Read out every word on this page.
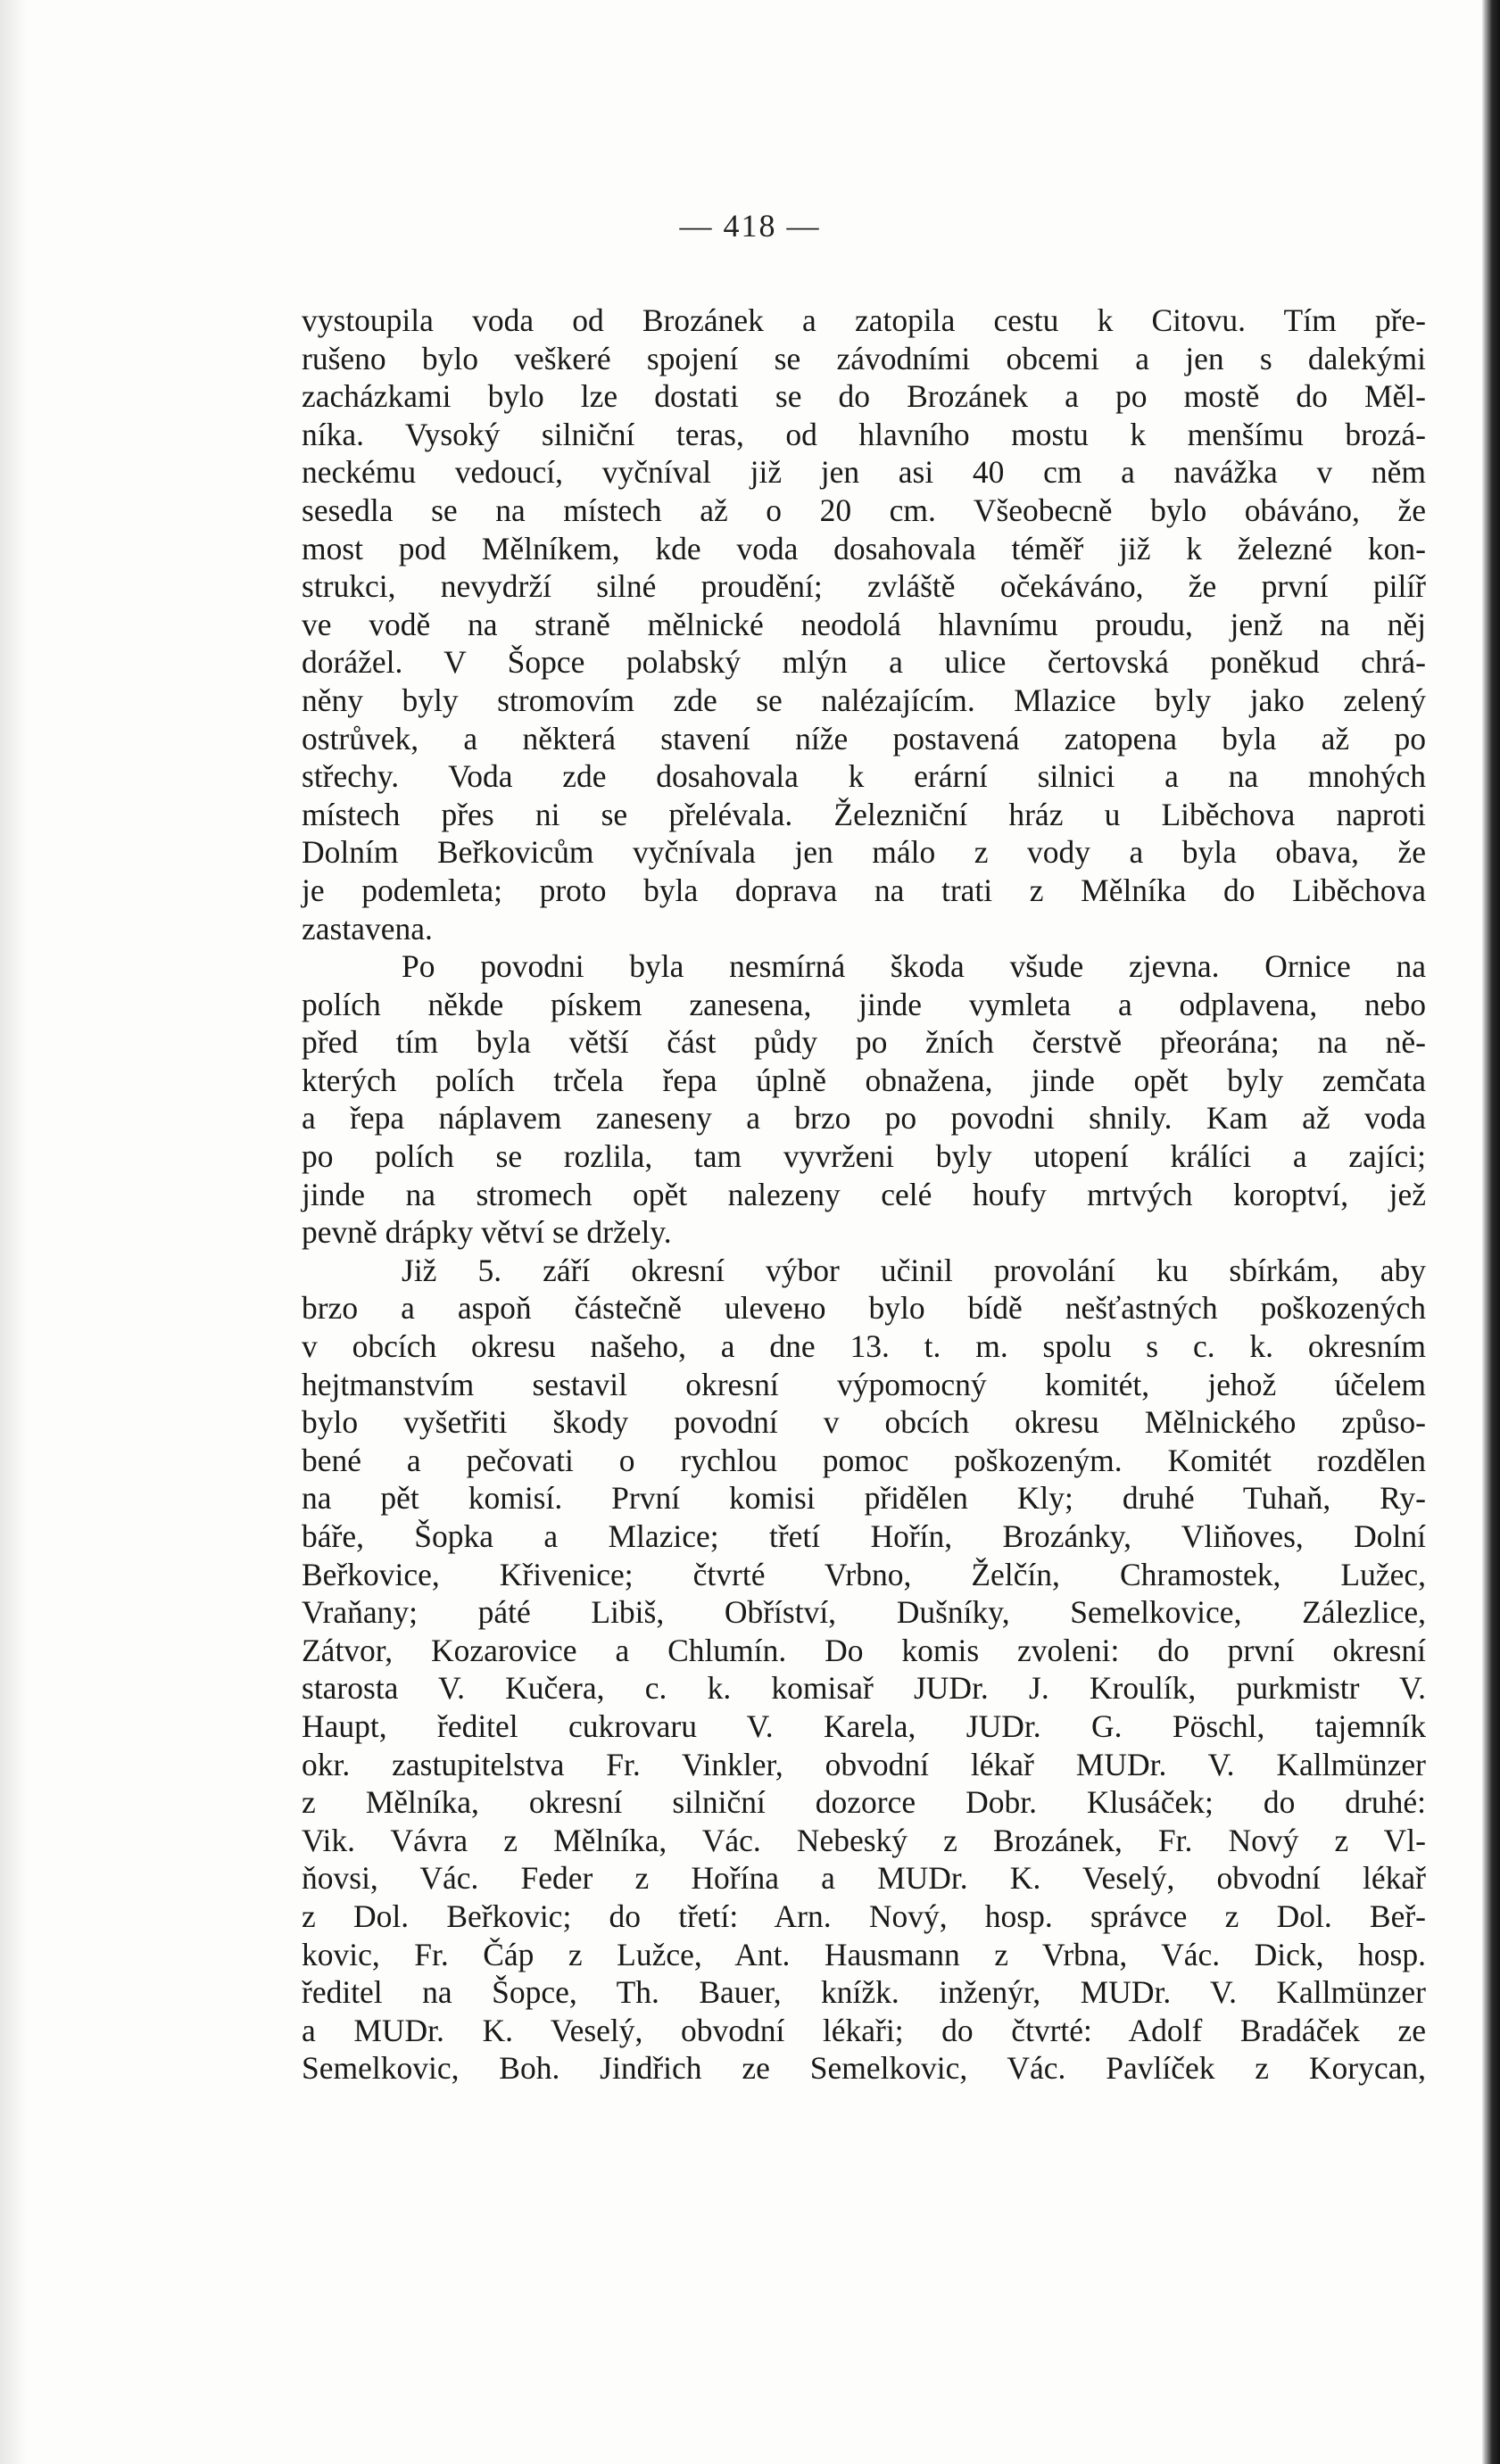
— 418 —
vystoupila voda od Brozánek a zatopila cestu k Citovu. Tím pře-
rušeno bylo veškeré spojení se závodními obcemi a jen s dalekými
zacházkami bylo lze dostati se do Brozánek a po mostě do Měl-
níka. Vysoký silniční teras, od hlavního mostu k menšímu brozá-
neckému vedoucí, vyčníval již jen asi 40 cm a navážka v něm
sesedla se na místech až o 20 cm. Všeobecně bylo obáváno, že
most pod Mělníkem, kde voda dosahovala téměř již k železné kon-
strukci, nevydrží silné proudění; zvláště očekáváno, že první pilíř
ve vodě na straně mělnické neodolá hlavnímu proudu, jenž na něj
dorážel. V Šopce polabský mlýn a ulice čertovská poněkud chrá-
něny byly stromovím zde se nalézajícím. Mlazice byly jako zelený
ostrůvek, a některá stavení níže postavená zatopena byla až po
střechy. Voda zde dosahovala k erární silnici a na mnohých
místech přes ni se přelévala. Železniční hráz u Liběchova naproti
Dolním Beřkovicům vyčnívala jen málo z vody a byla obava, že
je podemleta; proto byla doprava na trati z Mělníka do Liběchova
zastavena.
Po povodni byla nesmírná škoda všude zjevna. Ornice na
polích někde pískem zanesena, jinde vymleta a odplavena, nebo
před tím byla větší část půdy po žních čerstvě přeorána; na ně-
kterých polích trčela řepa úplně obnažena, jinde opět byly zemčata
a řepa náplavem zaneseny a brzo po povodni shnily. Kam až voda
po polích se rozlila, tam vyvrženi byly utopení králíci a zajíci;
jinde na stromech opět nalezeny celé houfy mrtvých koroptví, jež
pevně drápky větví se držely.
Již 5. září okresní výbor učinil provolání ku sbírkám, aby
brzo a aspoň částečně ulevено bylo bídě nešťastných poškozených
v obcích okresu našeho, a dne 13. t. m. spolu s c. k. okresním
hejtmanstvím sestavil okresní výpomocný komitét, jehož účelem
bylo vyšetřiti škody povodní v obcích okresu Mělnického způso-
bené a pečovati o rychlou pomoc poškozeným. Komitét rozdělen
na pět komisí. První komisi přidělen Kly; druhé Tuhaň, Ry-
báře, Šopka a Mlazice; třetí Hořín, Brozánky, Vliňoves, Dolní
Beřkovice, Křivenice; čtvrté Vrbno, Želčín, Chramostek, Lužec,
Vraňany; páté Libiš, Obříství, Dušníky, Semelkovice, Zálezlice,
Zátvor, Kozarovice a Chlumín. Do komis zvoleni: do první okresní
starosta V. Kučera, c. k. komisař JUDr. J. Kroulík, purkmistr V.
Haupt, ředitel cukrovaru V. Karela, JUDr. G. Pöschl, tajemník
okr. zastupitelstva Fr. Vinkler, obvodní lékař MUDr. V. Kallmünzer
z Mělníka, okresní silniční dozorce Dobr. Klusáček; do druhé:
Vik. Vávra z Mělníka, Vác. Nebeský z Brozánek, Fr. Nový z Vl-
ňovsi, Vác. Feder z Hořína a MUDr. K. Veselý, obvodní lékař
z Dol. Beřkovic; do třetí: Arn. Nový, hosp. správce z Dol. Beř-
kovic, Fr. Čáp z Lužce, Ant. Hausmann z Vrbna, Vác. Dick, hosp.
ředitel na Šopce, Th. Bauer, knížk. inženýr, MUDr. V. Kallmünzer
a MUDr. K. Veselý, obvodní lékaři; do čtvrté: Adolf Bradáček ze
Semelkovic, Boh. Jindřich ze Semelkovic, Vác. Pavlíček z Korycan,
